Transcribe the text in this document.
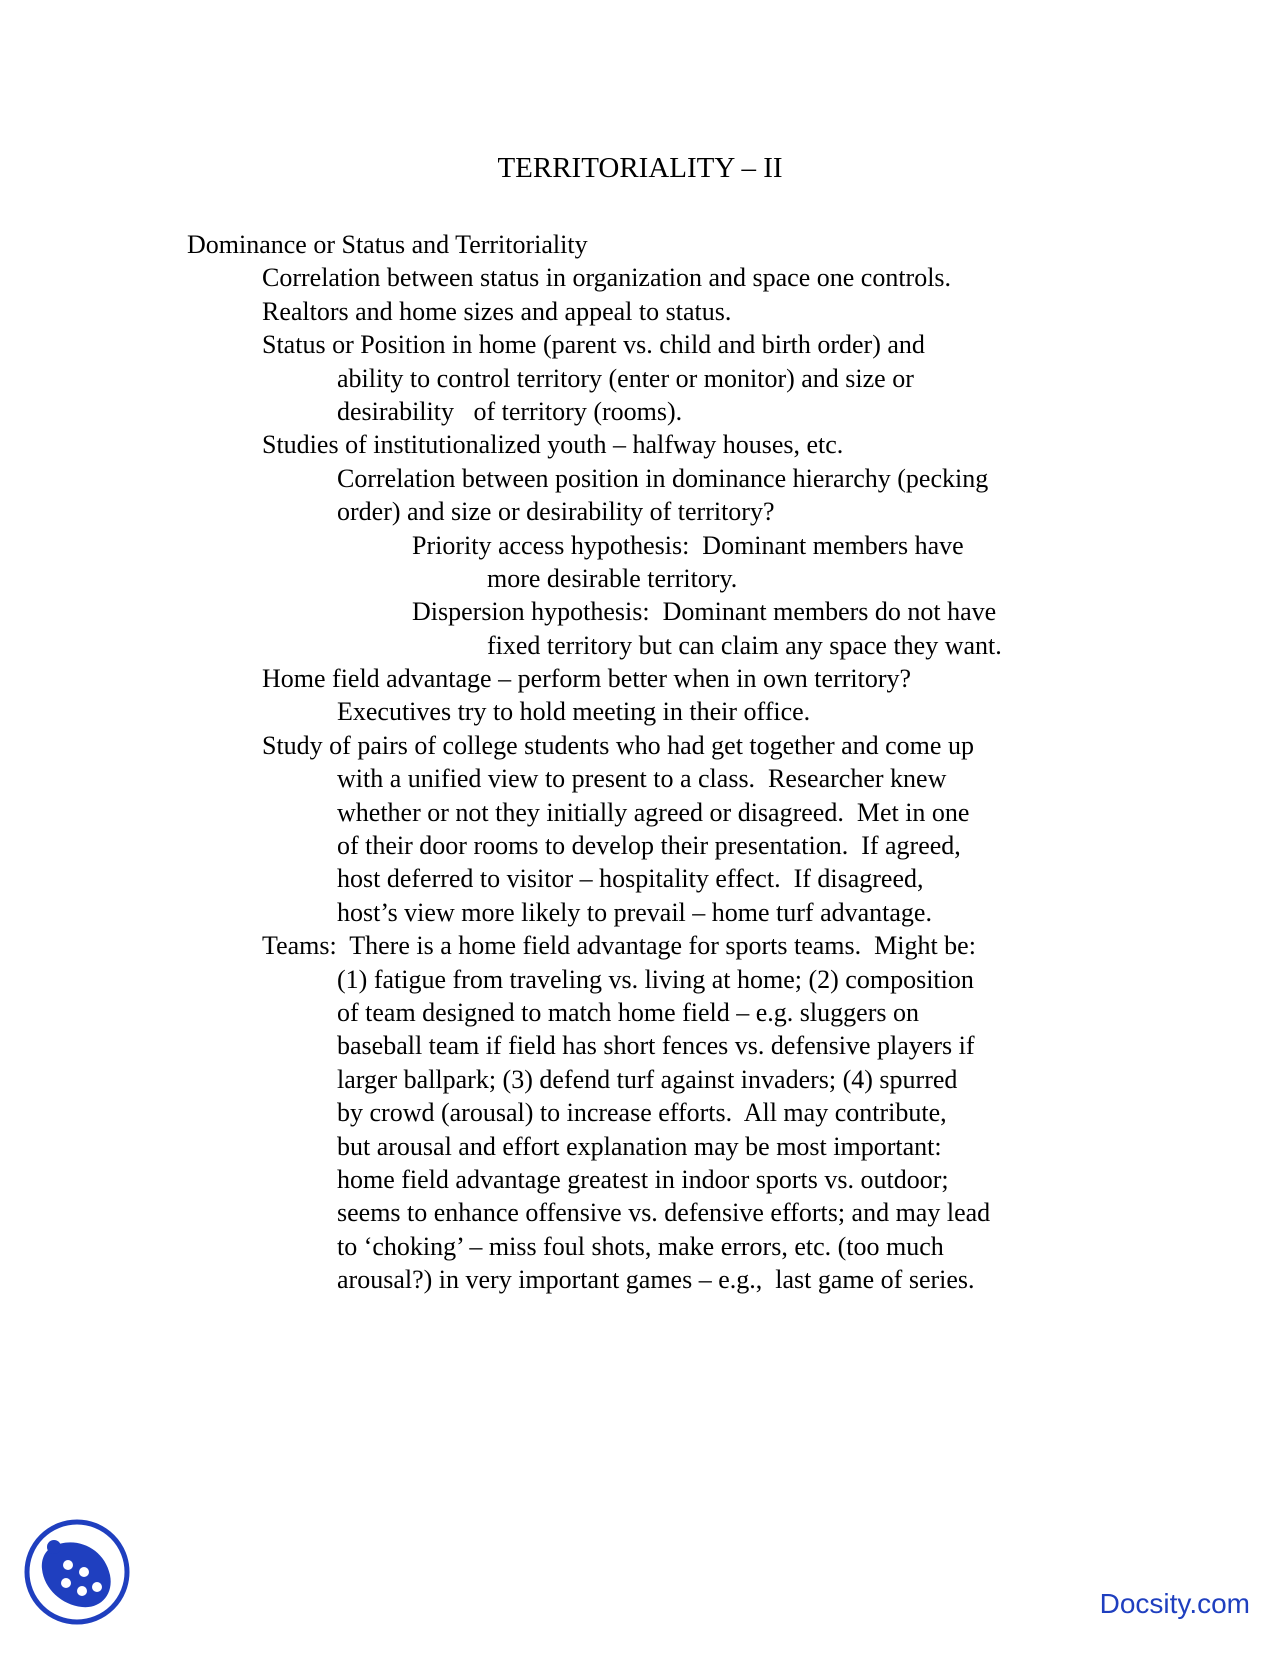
TERRITORIALITY – II
Dominance or Status and Territoriality
Correlation between status in organization and space one controls.
Realtors and home sizes and appeal to status.
Status or Position in home (parent vs. child and birth order) and
ability to control territory (enter or monitor) and size or
desirability   of territory (rooms).
Studies of institutionalized youth – halfway houses, etc.
Correlation between position in dominance hierarchy (pecking
order) and size or desirability of territory?
Priority access hypothesis:  Dominant members have
more desirable territory.
Dispersion hypothesis:  Dominant members do not have
fixed territory but can claim any space they want.
Home field advantage – perform better when in own territory?
Executives try to hold meeting in their office.
Study of pairs of college students who had get together and come up
with a unified view to present to a class.  Researcher knew
whether or not they initially agreed or disagreed.  Met in one
of their door rooms to develop their presentation.  If agreed,
host deferred to visitor – hospitality effect.  If disagreed,
host’s view more likely to prevail – home turf advantage.
Teams:  There is a home field advantage for sports teams.  Might be:
(1) fatigue from traveling vs. living at home; (2) composition
of team designed to match home field – e.g. sluggers on
baseball team if field has short fences vs. defensive players if
larger ballpark; (3) defend turf against invaders; (4) spurred
by crowd (arousal) to increase efforts.  All may contribute,
but arousal and effort explanation may be most important:
home field advantage greatest in indoor sports vs. outdoor;
seems to enhance offensive vs. defensive efforts; and may lead
to ‘choking’ – miss foul shots, make errors, etc. (too much
arousal?) in very important games – e.g.,  last game of series.
Docsity.com
